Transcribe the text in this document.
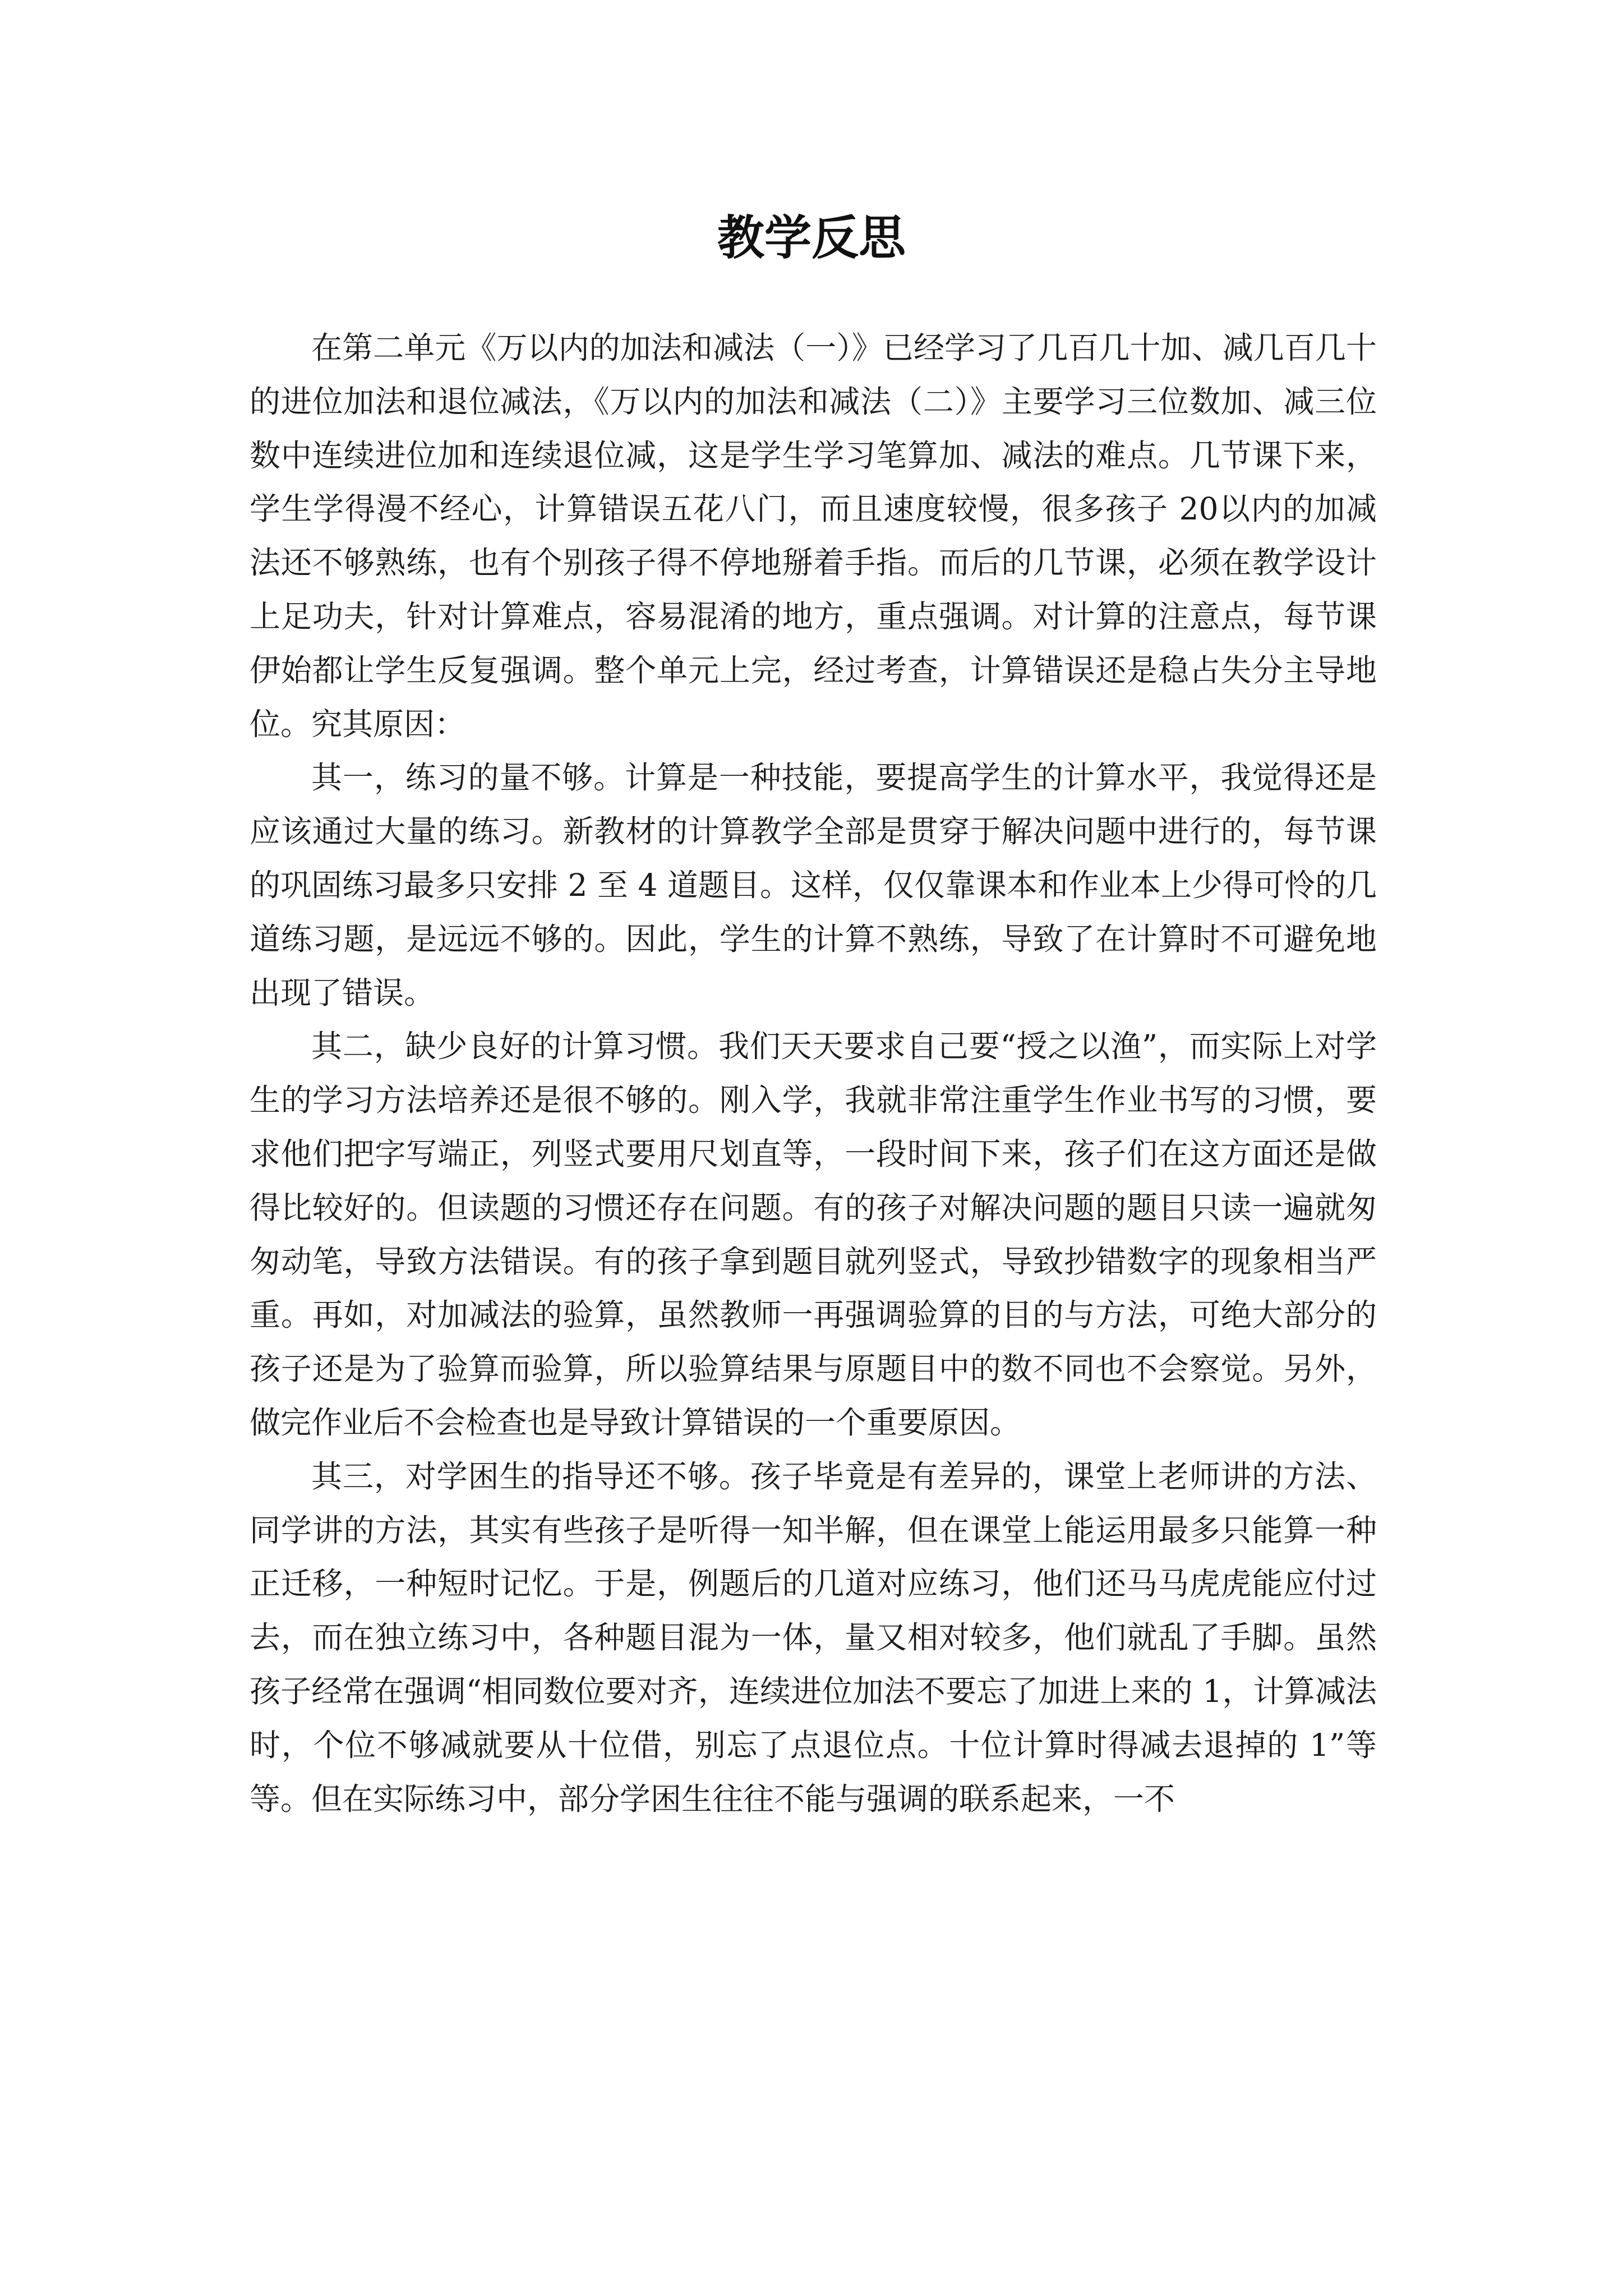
教学反思

在第二单元《万以内的加法和减法（一）》已经学习了几百几十加、减几百几十的进位加法和退位减法，《万以内的加法和减法（二）》主要学习三位数加、减三位数中连续进位加和连续退位减，这是学生学习笔算加、减法的难点。几节课下来，学生学得漫不经心，计算错误五花八门，而且速度较慢，很多孩子 20以内的加减法还不够熟练，也有个别孩子得不停地掰着手指。而后的几节课，必须在教学设计上足功夫，针对计算难点，容易混淆的地方，重点强调。对计算的注意点，每节课伊始都让学生反复强调。整个单元上完，经过考查，计算错误还是稳占失分主导地位。究其原因：

其一，练习的量不够。计算是一种技能，要提高学生的计算水平，我觉得还是应该通过大量的练习。新教材的计算教学全部是贯穿于解决问题中进行的，每节课的巩固练习最多只安排 2 至 4 道题目。这样，仅仅靠课本和作业本上少得可怜的几道练习题，是远远不够的。因此，学生的计算不熟练，导致了在计算时不可避免地出现了错误。

其二，缺少良好的计算习惯。我们天天要求自己要“授之以渔”，而实际上对学生的学习方法培养还是很不够的。刚入学，我就非常注重学生作业书写的习惯，要求他们把字写端正，列竖式要用尺划直等，一段时间下来，孩子们在这方面还是做得比较好的。但读题的习惯还存在问题。有的孩子对解决问题的题目只读一遍就匆匆动笔，导致方法错误。有的孩子拿到题目就列竖式，导致抄错数字的现象相当严重。再如，对加减法的验算，虽然教师一再强调验算的目的与方法，可绝大部分的孩子还是为了验算而验算，所以验算结果与原题目中的数不同也不会察觉。另外，做完作业后不会检查也是导致计算错误的一个重要原因。

其三，对学困生的指导还不够。孩子毕竟是有差异的，课堂上老师讲的方法、同学讲的方法，其实有些孩子是听得一知半解，但在课堂上能运用最多只能算一种正迁移，一种短时记忆。于是，例题后的几道对应练习，他们还马马虎虎能应付过去，而在独立练习中，各种题目混为一体，量又相对较多，他们就乱了手脚。虽然孩子经常在强调“相同数位要对齐，连续进位加法不要忘了加进上来的 1，计算减法时，个位不够减就要从十位借，别忘了点退位点。十位计算时得减去退掉的 1”等等。但在实际练习中，部分学困生往往不能与强调的联系起来，一不
